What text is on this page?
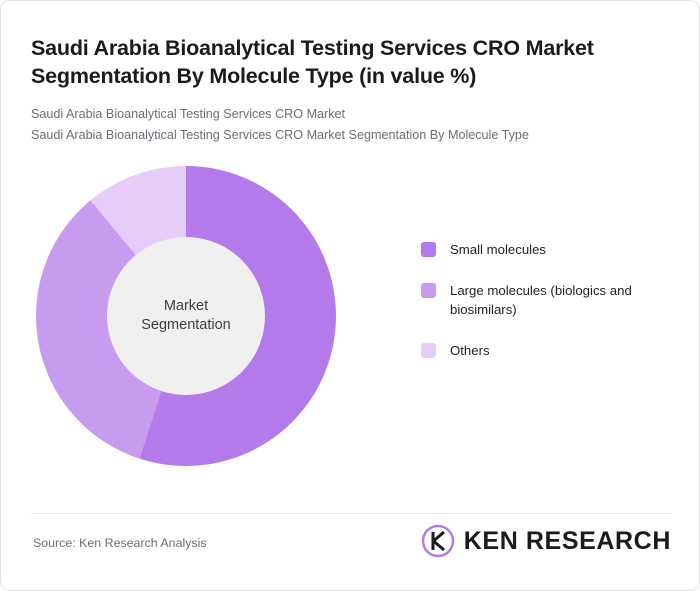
Saudi Arabia Bioanalytical Testing Services CRO Market Segmentation By Molecule Type (in value %)
Saudi Arabia Bioanalytical Testing Services CRO Market
Saudi Arabia Bioanalytical Testing Services CRO Market Segmentation By Molecule Type
Market Segmentation
Small molecules
Large molecules (biologics and biosimilars)
Others
Source: Ken Research Analysis	KEN RESEARCH
